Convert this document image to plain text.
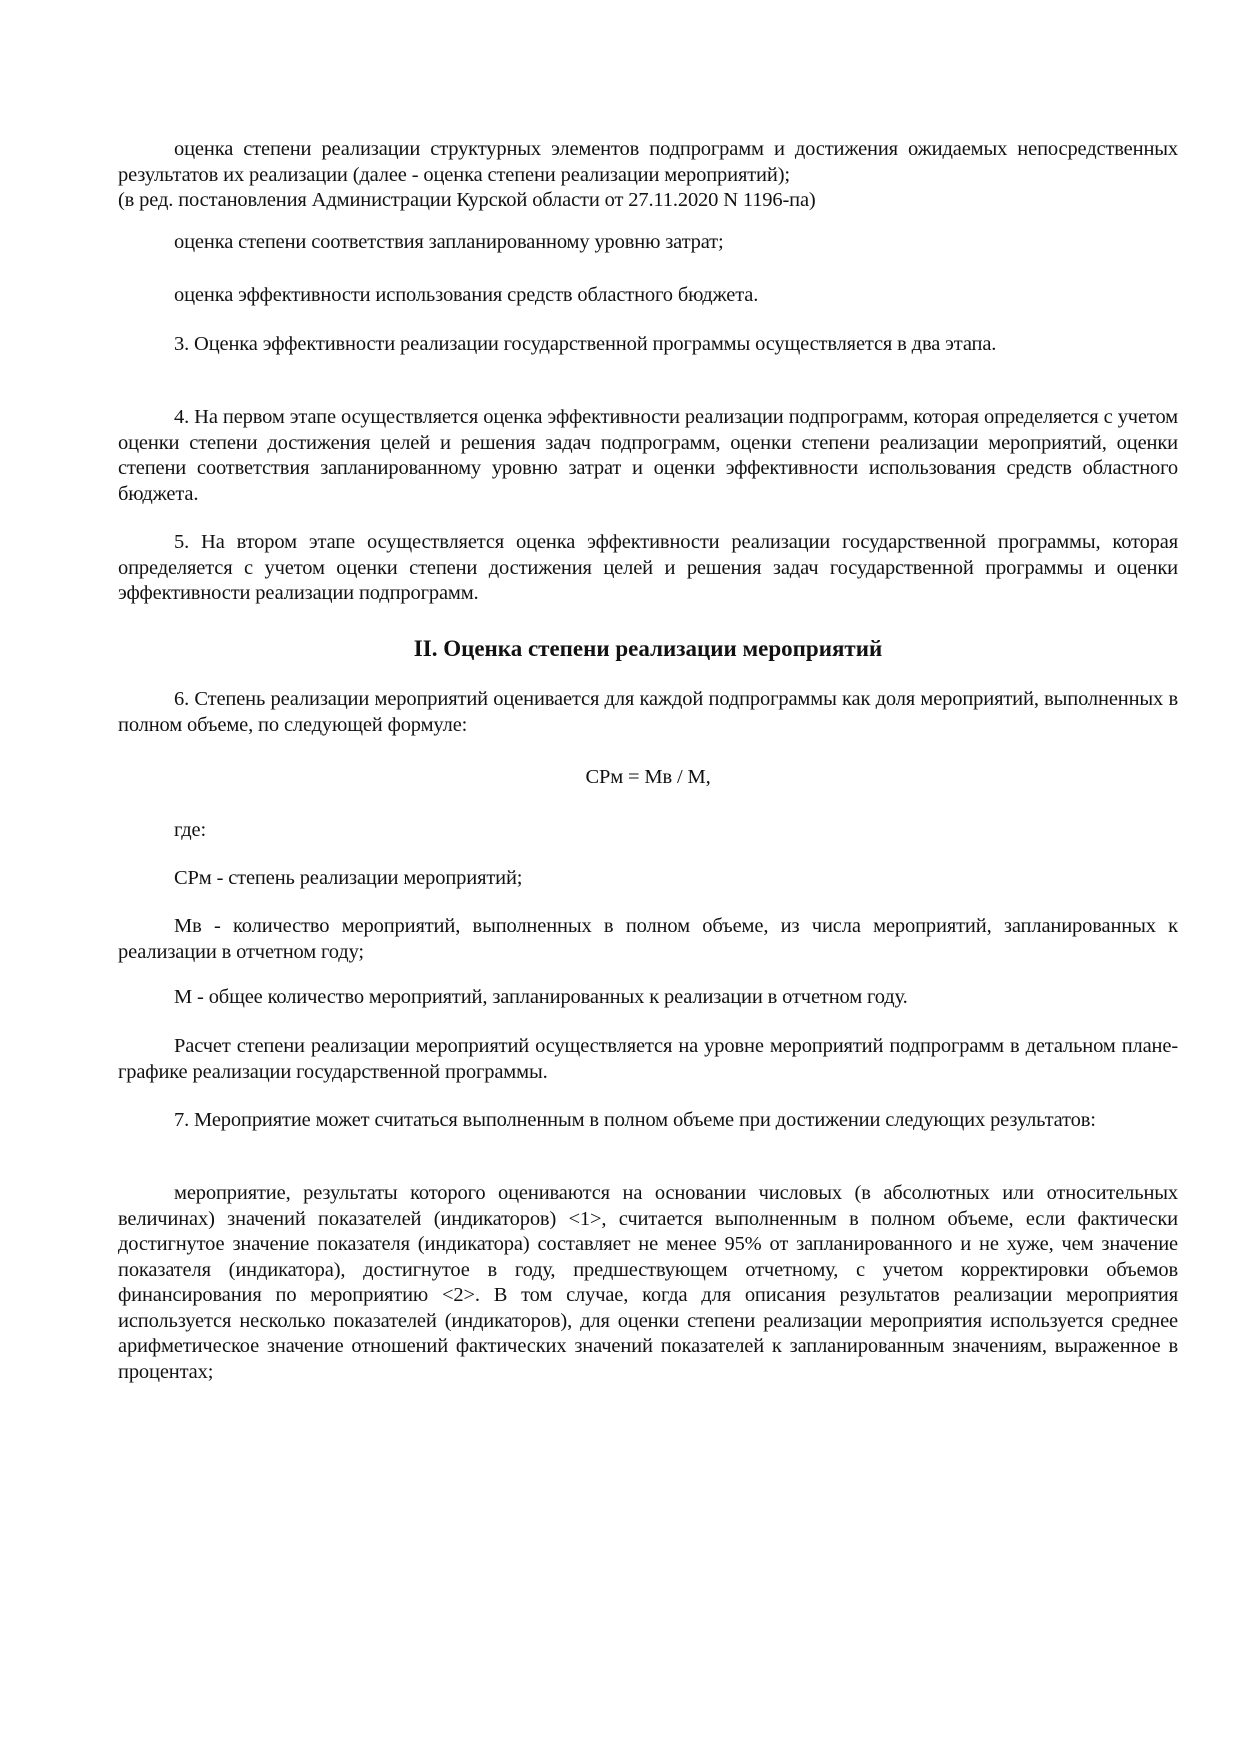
оценка степени реализации структурных элементов подпрограмм и достижения ожидаемых непосредственных результатов их реализации (далее - оценка степени реализации мероприятий);

(в ред. постановления Администрации Курской области от 27.11.2020 N 1196-па)

оценка степени соответствия запланированному уровню затрат;

оценка эффективности использования средств областного бюджета.

3. Оценка эффективности реализации государственной программы осуществляется в два этапа.

4. На первом этапе осуществляется оценка эффективности реализации подпрограмм, которая определяется с учетом оценки степени достижения целей и решения задач подпрограмм, оценки степени реализации мероприятий, оценки степени соответствия запланированному уровню затрат и оценки эффективности использования средств областного бюджета.

5. На втором этапе осуществляется оценка эффективности реализации государственной программы, которая определяется с учетом оценки степени достижения целей и решения задач государственной программы и оценки эффективности реализации подпрограмм.

II. Оценка степени реализации мероприятий

6. Степень реализации мероприятий оценивается для каждой подпрограммы как доля мероприятий, выполненных в полном объеме, по следующей формуле:

СРм = Мв / М,

где:

СРм - степень реализации мероприятий;

Мв - количество мероприятий, выполненных в полном объеме, из числа мероприятий, запланированных к реализации в отчетном году;

М - общее количество мероприятий, запланированных к реализации в отчетном году.

Расчет степени реализации мероприятий осуществляется на уровне мероприятий подпрограмм в детальном плане-графике реализации государственной программы.

7. Мероприятие может считаться выполненным в полном объеме при достижении следующих результатов:

мероприятие, результаты которого оцениваются на основании числовых (в абсолютных или относительных величинах) значений показателей (индикаторов) <1>, считается выполненным в полном объеме, если фактически достигнутое значение показателя (индикатора) составляет не менее 95% от запланированного и не хуже, чем значение показателя (индикатора), достигнутое в году, предшествующем отчетному, с учетом корректировки объемов финансирования по мероприятию <2>. В том случае, когда для описания результатов реализации мероприятия используется несколько показателей (индикаторов), для оценки степени реализации мероприятия используется среднее арифметическое значение отношений фактических значений показателей к запланированным значениям, выраженное в процентах;
